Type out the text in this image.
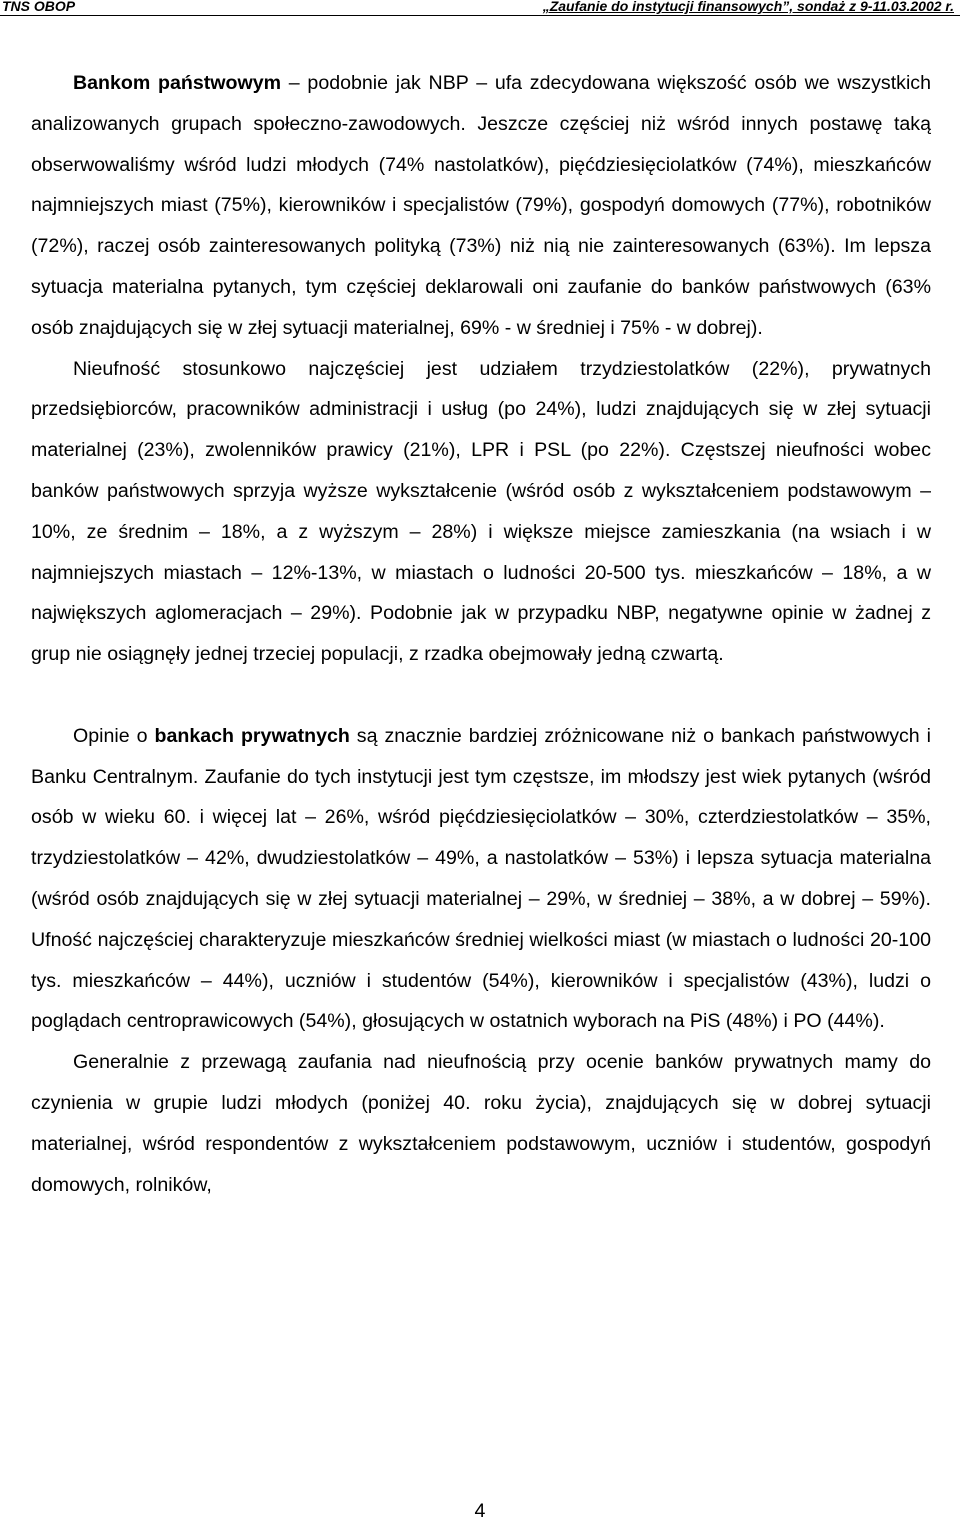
TNS OBOP	„Zaufanie do instytucji finansowych”, sondaż z 9-11.03.2002 r.

Bankom państwowym – podobnie jak NBP – ufa zdecydowana większość osób we wszystkich analizowanych grupach społeczno-zawodowych. Jeszcze częściej niż wśród innych postawę taką obserwowaliśmy wśród ludzi młodych (74% nastolatków), pięćdziesięciolatków (74%), mieszkańców najmniejszych miast (75%), kierowników i specjalistów (79%), gospodyń domowych (77%), robotników (72%), raczej osób zainteresowanych polityką (73%) niż nią nie zainteresowanych (63%). Im lepsza sytuacja materialna pytanych, tym częściej deklarowali oni zaufanie do banków państwowych (63% osób znajdujących się w złej sytuacji materialnej, 69% - w średniej i 75% - w dobrej).

Nieufność stosunkowo najczęściej jest udziałem trzydziestolatków (22%), prywatnych przedsiębiorców, pracowników administracji i usług (po 24%), ludzi znajdujących się w złej sytuacji materialnej (23%), zwolenników prawicy (21%), LPR i PSL (po 22%). Częstszej nieufności wobec banków państwowych sprzyja wyższe wykształcenie (wśród osób z wykształceniem podstawowym – 10%, ze średnim – 18%, a z wyższym – 28%) i większe miejsce zamieszkania (na wsiach i w najmniejszych miastach – 12%-13%, w miastach o ludności 20-500 tys. mieszkańców – 18%, a w największych aglomeracjach – 29%). Podobnie jak w przypadku NBP, negatywne opinie w żadnej z grup nie osiągnęły jednej trzeciej populacji, z rzadka obejmowały jedną czwartą.

Opinie o bankach prywatnych są znacznie bardziej zróżnicowane niż o bankach państwowych i Banku Centralnym. Zaufanie do tych instytucji jest tym częstsze, im młodszy jest wiek pytanych (wśród osób w wieku 60. i więcej lat – 26%, wśród pięćdziesięciolatków – 30%, czterdziestolatków – 35%, trzydziestolatków – 42%, dwudziestolatków – 49%, a nastolatków – 53%) i lepsza sytuacja materialna (wśród osób znajdujących się w złej sytuacji materialnej – 29%, w średniej – 38%, a w dobrej – 59%). Ufność najczęściej charakteryzuje mieszkańców średniej wielkości miast (w miastach o ludności 20-100 tys. mieszkańców – 44%), uczniów i studentów (54%), kierowników i specjalistów (43%), ludzi o poglądach centroprawicowych (54%), głosujących w ostatnich wyborach na PiS (48%) i PO (44%).

Generalnie z przewagą zaufania nad nieufnością przy ocenie banków prywatnych mamy do czynienia w grupie ludzi młodych (poniżej 40. roku życia), znajdujących się w dobrej sytuacji materialnej, wśród respondentów z wykształceniem podstawowym, uczniów i studentów, gospodyń domowych, rolników,

4
